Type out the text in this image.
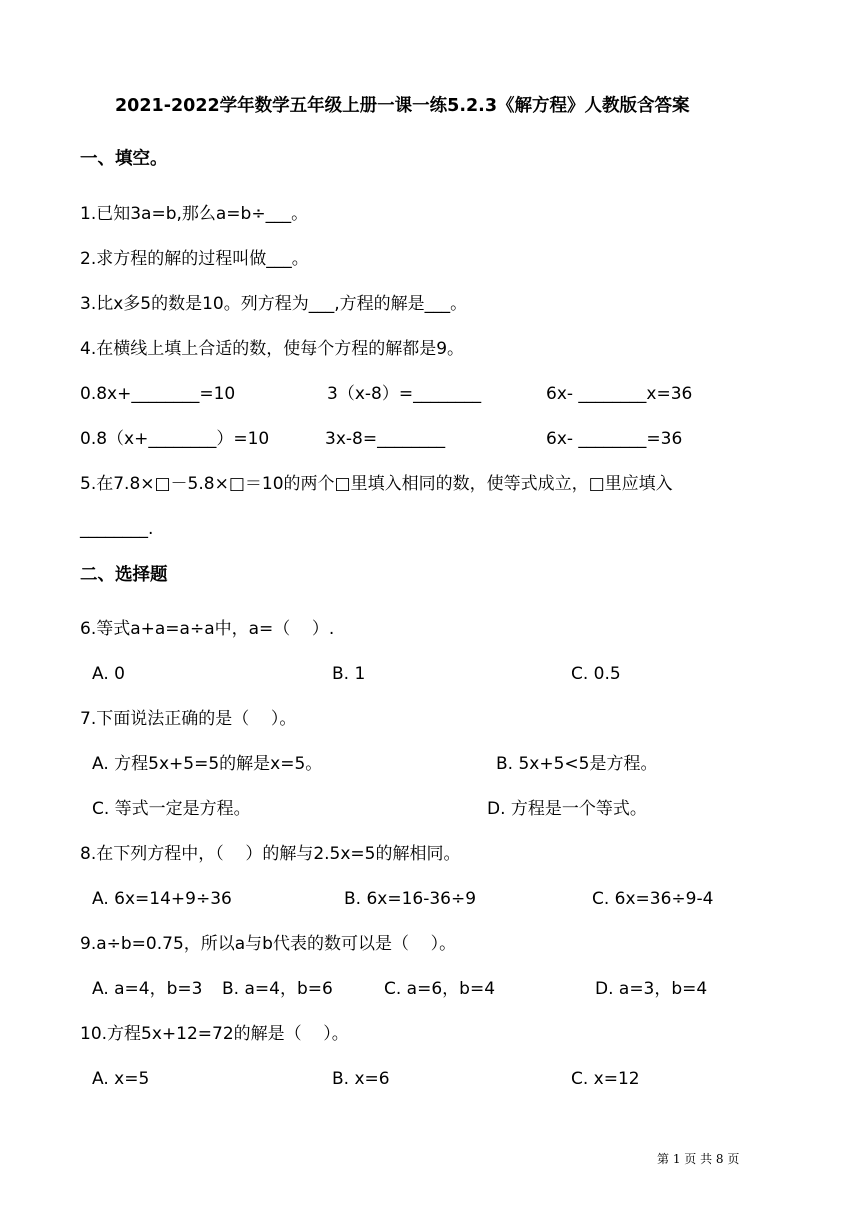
2021-2022学年数学五年级上册一课一练5.2.3《解方程》人教版含答案
一、填空。
1.已知3a=b,那么a=b÷___。
2.求方程的解的过程叫做___。
3.比x多5的数是10。列方程为___,方程的解是___。
4.在横线上填上合适的数，使每个方程的解都是9。
0.8x+________=10	3（x-8）=________	6x- ________x=36
0.8（x+________）=10	3x-8=________	6x- ________=36
5.在7.8×□－5.8×□＝10的两个□里填入相同的数，使等式成立，□里应填入
________.
二、选择题
6.等式a+a=a÷a中，a=（    ）.
A. 0	B. 1	C. 0.5
7.下面说法正确的是（    ）。
A. 方程5x+5=5的解是x=5。	B. 5x+5<5是方程。
C. 等式一定是方程。	D. 方程是一个等式。
8.在下列方程中，（    ）的解与2.5x=5的解相同。
A. 6x=14+9÷36	B. 6x=16-36÷9	C. 6x=36÷9-4
9.a÷b=0.75，所以a与b代表的数可以是（    ）。
A. a=4，b=3 B. a=4，b=6	C. a=6，b=4	D. a=3，b=4
10.方程5x+12=72的解是（    ）。
A. x=5	B. x=6	C. x=12
第 1 页 共 8 页
